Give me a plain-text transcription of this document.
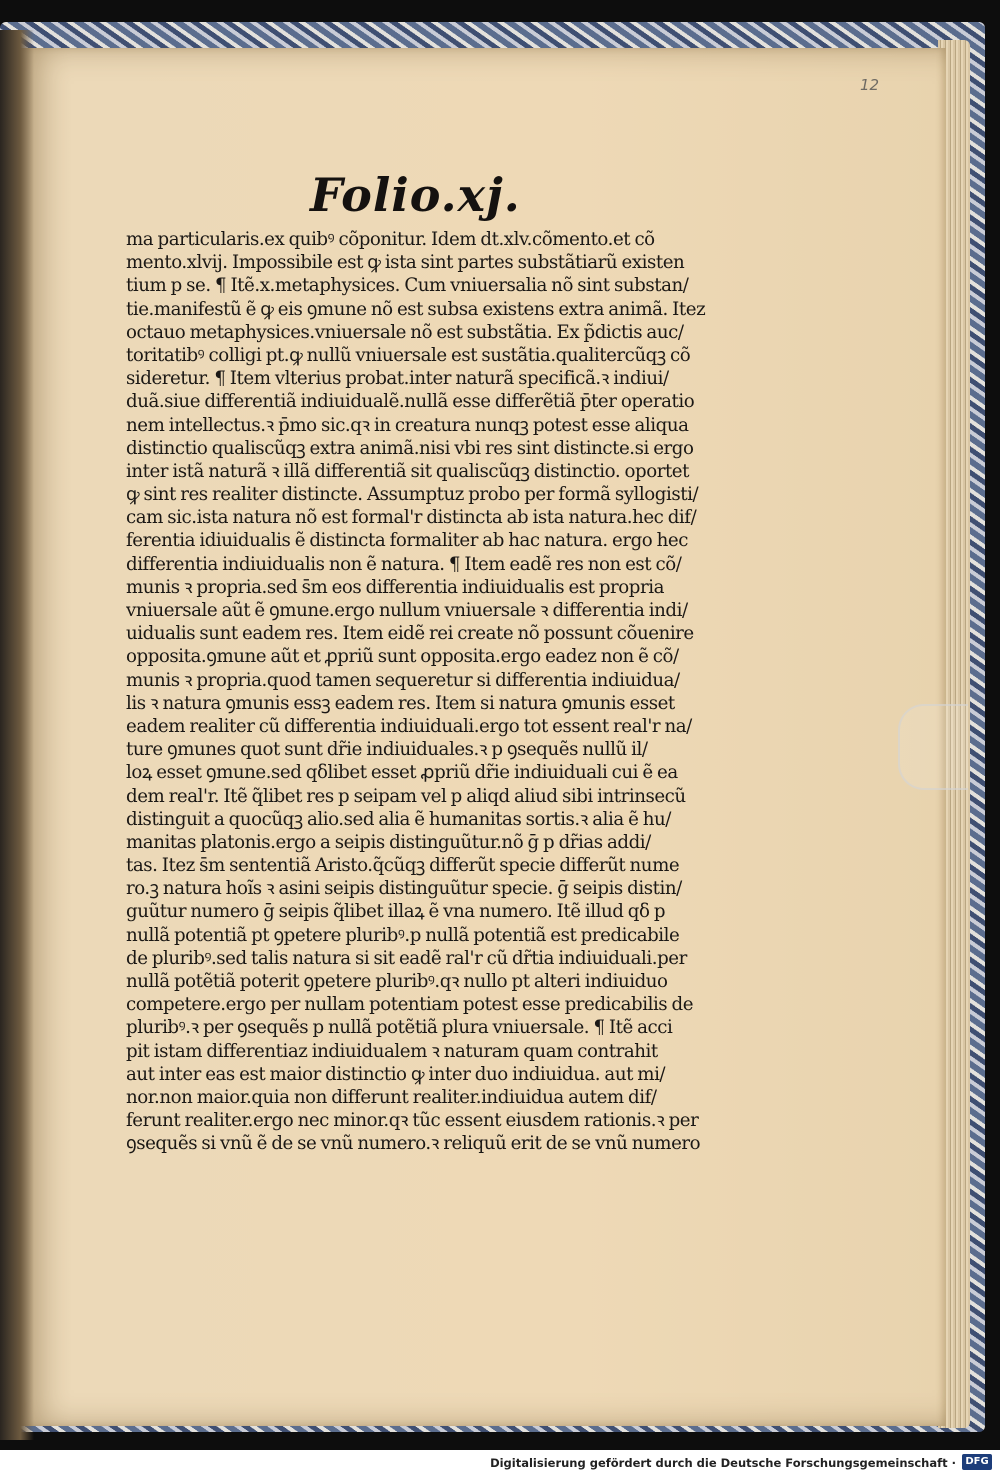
12
Folio.xj.
ma particularis.ex quibꝰ cõponitur. Idem dt.xlv.cõmento.et cõ
mento.xlvij. Impossibile est ꝙ ista sint partes substãtiarũ existen
tium p se. ¶ Itẽ.x.metaphysices. Cum vniuersalia nõ sint substan/
tie.manifestũ ẽ ꝙ eis ꝯmune nõ est subsa existens extra animã. Itez
octauo metaphysices.vniuersale nõ est substãtia. Ex p̃dictis auc/
toritatibꝰ colligi pt.ꝙ nullũ vniuersale est sustãtia.qualitercũqꝫ cõ
sideretur. ¶ Item vlterius probat.inter naturã specificã.ꝛ indiui/
duã.siue differentiã indiuidualẽ.nullã esse differẽtiã p̄ter operatio
nem intellectus.ꝛ p̄mo sic.qꝛ in creatura nunqꝫ potest esse aliqua
distinctio qualiscũqꝫ extra animã.nisi vbi res sint distincte.si ergo
inter istã naturã ꝛ illã differentiã sit qualiscũqꝫ distinctio. oportet
ꝙ sint res realiter distincte. Assumptuz probo per formã syllogisti/
cam sic.ista natura nõ est formal'r distincta ab ista natura.hec dif/
ferentia idiuidualis ẽ distincta formaliter ab hac natura. ergo hec
differentia indiuidualis non ẽ natura. ¶ Item eadẽ res non est cõ/
munis ꝛ propria.sed s̄m eos differentia indiuidualis est propria
vniuersale aũt ẽ ꝯmune.ergo nullum vniuersale ꝛ differentia indi/
uidualis sunt eadem res. Item eidẽ rei create nõ possunt cõuenire
opposita.ꝯmune aũt et ꝓpriũ sunt opposita.ergo eadez non ẽ cõ/
munis ꝛ propria.quod tamen sequeretur si differentia indiuidua/
lis ꝛ natura ꝯmunis essꝫ eadem res. Item si natura ꝯmunis esset
eadem realiter cũ differentia indiuiduali.ergo tot essent real'r na/
ture ꝯmunes quot sunt dr̃ie indiuiduales.ꝛ p ꝯsequẽs nullũ il/
loꝝ esset ꝯmune.sed qδlibet esset ꝓpriũ dr̃ie indiuiduali cui ẽ ea
dem real'r. Itẽ q̃libet res p seipam vel p aliqd aliud sibi intrinsecũ
distinguit a quocũqꝫ alio.sed alia ẽ humanitas sortis.ꝛ alia ẽ hu/
manitas platonis.ergo a seipis distinguũtur.nõ ḡ p dr̃ias addi/
tas. Itez s̄m sententiã Aristo.q̃cũqꝫ differũt specie differũt nume
ro.ꝫ natura hoĩs ꝛ asini seipis distinguũtur specie. ḡ seipis distin/
guũtur numero ḡ seipis q̃libet illaꝝ ẽ vna numero. Itẽ illud qδ p
nullã potentiã pt ꝯpetere pluribꝰ.p nullã potentiã est predicabile
de pluribꝰ.sed talis natura si sit eadẽ ral'r cũ dr̃tia indiuiduali.per
nullã potẽtiã poterit ꝯpetere pluribꝰ.qꝛ nullo pt alteri indiuiduo
competere.ergo per nullam potentiam potest esse predicabilis de
pluribꝰ.ꝛ per ꝯsequẽs p nullã potẽtiã plura vniuersale. ¶ Itẽ acci
pit istam differentiaz indiuidualem ꝛ naturam quam contrahit
aut inter eas est maior distinctio ꝙ inter duo indiuidua. aut mi/
nor.non maior.quia non differunt realiter.indiuidua autem dif/
ferunt realiter.ergo nec minor.qꝛ tũc essent eiusdem rationis.ꝛ per
ꝯsequẽs si vnũ ẽ de se vnũ numero.ꝛ reliquũ erit de se vnũ numero
Digitalisierung gefördert durch die Deutsche Forschungsgemeinschaft · DFG
